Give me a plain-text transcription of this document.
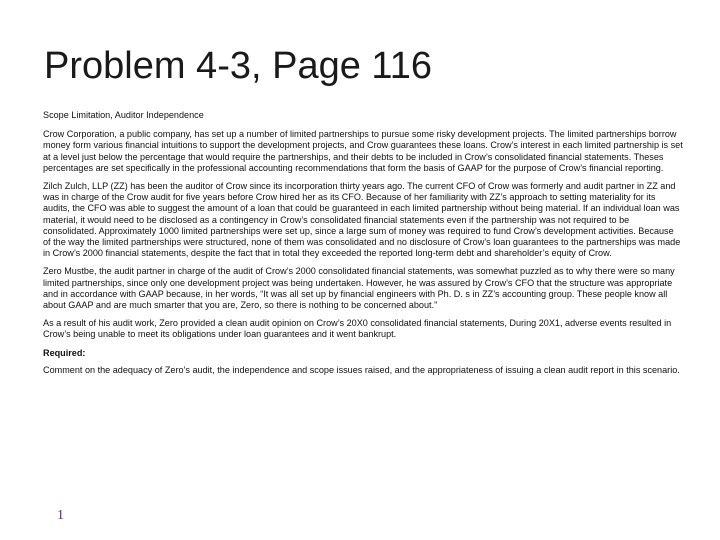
Problem 4-3, Page 116

Scope Limitation, Auditor Independence

Crow Corporation, a public company, has set up a number of limited partnerships to pursue some risky development projects. The limited partnerships borrow money form various financial intuitions to support the development projects, and Crow guarantees these loans. Crow’s interest in each limited partnership is set at a level just below the percentage that would require the partnerships, and their debts to be included in Crow’s consolidated financial statements. Theses percentages are set specifically in the professional accounting recommendations that form the basis of GAAP for the purpose of Crow’s financial reporting.

Zilch Zulch, LLP (ZZ) has been the auditor of Crow since its incorporation thirty years ago. The current CFO of Crow was formerly and audit partner in ZZ and was in charge of the Crow audit for five years before Crow hired her as its CFO. Because of her familiarity with ZZ’s approach to setting materiality for its audits, the CFO was able to suggest the amount of a loan that could be guaranteed in each limited partnership without being material. If an individual loan was material, it would need to be disclosed as a contingency in Crow’s consolidated financial statements even if the partnership was not required to be consolidated. Approximately 1000 limited partnerships were set up, since a large sum of money was required to fund Crow’s development activities. Because of the way the limited partnerships were structured, none of them was consolidated and no disclosure of Crow’s loan guarantees to the partnerships was made in Crow’s 2000 financial statements, despite the fact that in total they exceeded the reported long-term debt and shareholder’s equity of Crow.

Zero Mustbe, the audit partner in charge of the audit of Crow’s 2000 consolidated financial statements, was somewhat puzzled as to why there were so many limited partnerships, since only one development project was being undertaken. However, he was assured by Crow’s CFO that the structure was appropriate and in accordance with GAAP because, in her words, “It was all set up by financial engineers with Ph. D. s in ZZ’s accounting group. These people know all about GAAP and are much smarter that you are, Zero, so there is nothing to be concerned about.”

As a result of his audit work, Zero provided a clean audit opinion on Crow’s 20X0 consolidated financial statements, During 20X1, adverse events resulted in Crow’s being unable to meet its obligations under loan guarantees and it went bankrupt.

Required:

Comment on the adequacy of Zero’s audit, the independence and scope issues raised, and the appropriateness of issuing a clean audit report in this scenario.

1
